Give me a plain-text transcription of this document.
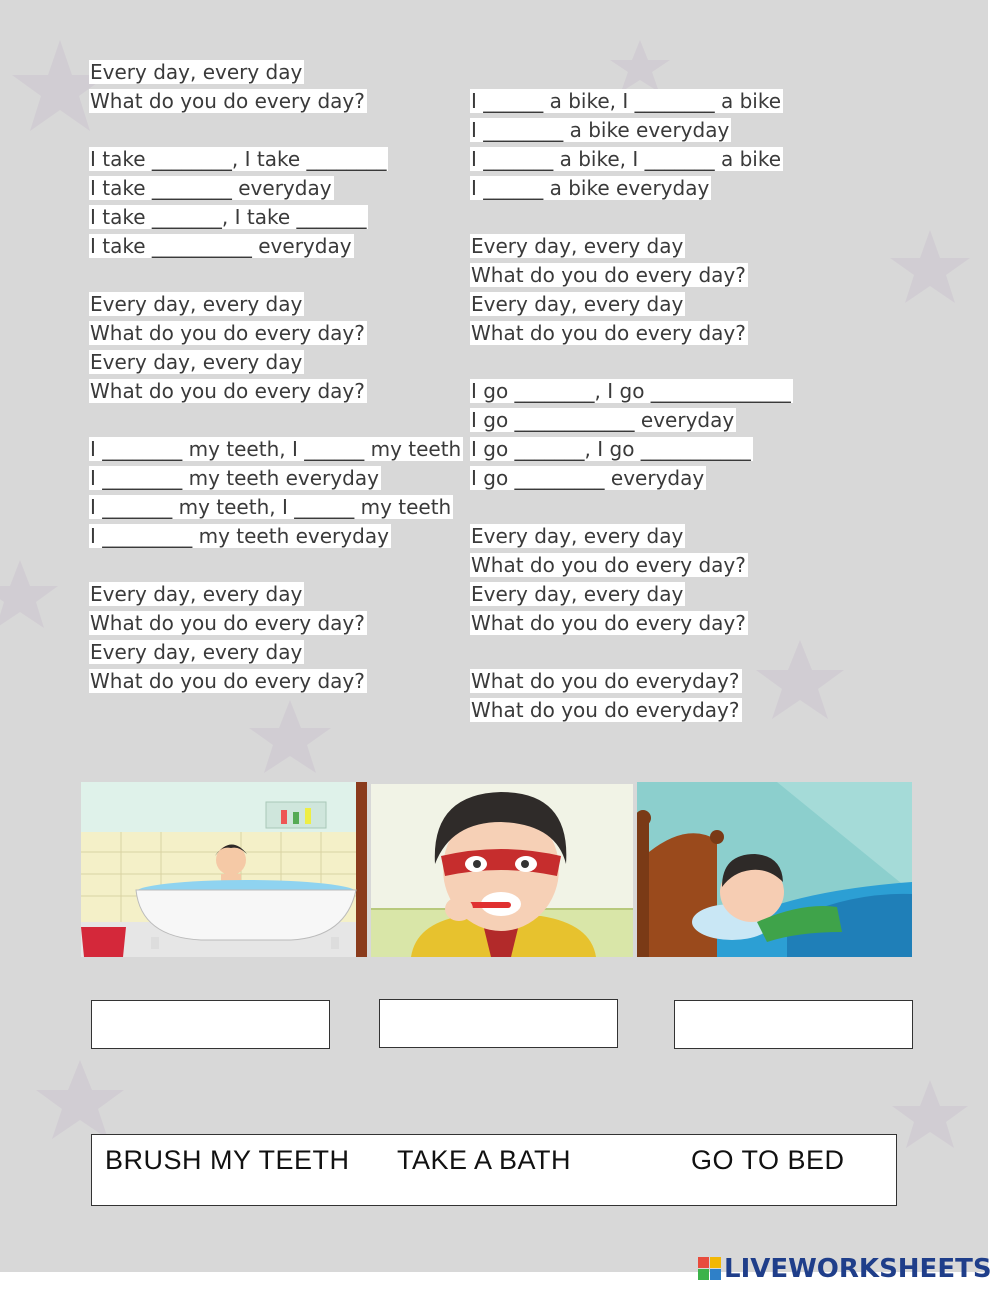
Every day, every day
What do you do every day?
I take ________, I take ________
I take ________ everyday
I take _______, I take _______
I take __________ everyday
Every day, every day
What do you do every day?
Every day, every day
What do you do every day?
I ________ my teeth, I ______ my teeth
I ________ my teeth everyday
I _______ my teeth, I ______ my teeth
I _________ my teeth everyday
Every day, every day
What do you do every day?
Every day, every day
What do you do every day?
I ______ a bike, I ________ a bike
I ________ a bike everyday
I _______ a bike, I _______ a bike
I ______ a bike everyday
Every day, every day
What do you do every day?
Every day, every day
What do you do every day?
I go ________, I go ______________
I go ____________ everyday
I go _______, I go ___________
I go _________ everyday
Every day, every day
What do you do every day?
Every day, every day
What do you do every day?
What do you do everyday?
What do you do everyday?
BRUSH MY TEETH TAKE A BATH	GO TO BED
LIVEWORKSHEETS
